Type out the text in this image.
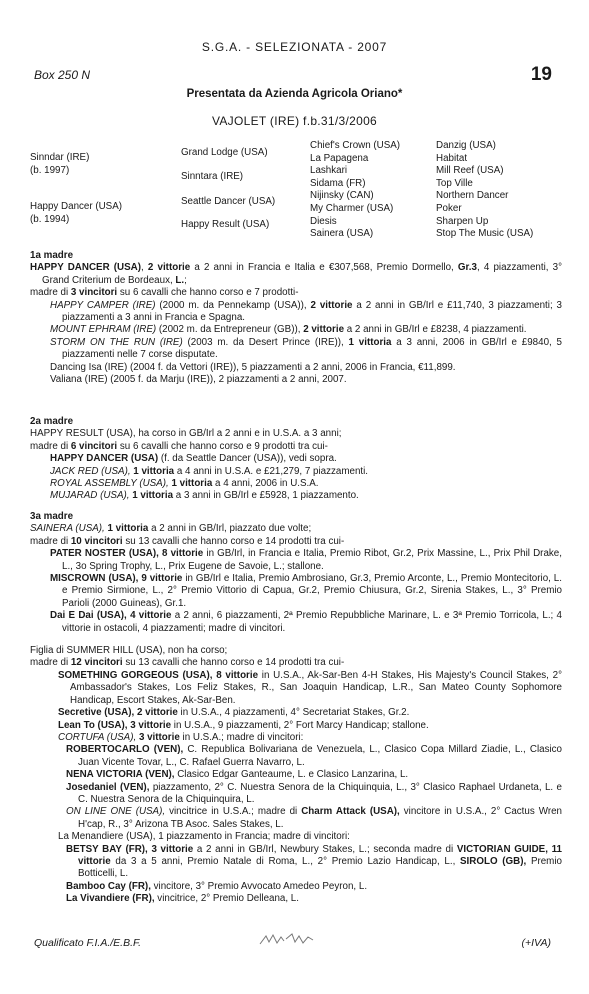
S.G.A. - SELEZIONATA - 2007
Box 250 N	19
Presentata da Azienda Agricola Oriano*
VAJOLET (IRE) f.b.31/3/2006
Sinndar (IRE)
(b. 1997)
Happy Dancer (USA)
(b. 1994)
Grand Lodge (USA)
Sinntara (IRE)
Seattle Dancer (USA)
Happy Result (USA)
Chief's Crown (USA)
La Papagena
Lashkari
Sidama (FR)
Nijinsky (CAN)
My Charmer (USA)
Diesis
Sainera (USA)
Danzig (USA)
Habitat
Mill Reef (USA)
Top Ville
Northern Dancer
Poker
Sharpen Up
Stop The Music (USA)

1a madre

HAPPY DANCER (USA), 2 vittorie a 2 anni in Francia e Italia e €307,568, Premio Dormello, Gr.3, 4 piazzamenti, 3° Grand Criterium de Bordeaux, L.;

madre di 3 vincitori su 6 cavalli che hanno corso e 7 prodotti-

HAPPY CAMPER (IRE) (2000 m. da Pennekamp (USA)), 2 vittorie a 2 anni in GB/Irl e £11,740, 3 piazzamenti; 3 piazzamenti a 3 anni in Francia e Spagna.

MOUNT EPHRAM (IRE) (2002 m. da Entrepreneur (GB)), 2 vittorie a 2 anni in GB/Irl e £8238, 4 piazzamenti.

STORM ON THE RUN (IRE) (2003 m. da Desert Prince (IRE)), 1 vittoria a 3 anni, 2006 in GB/Irl e £9840, 5 piazzamenti nelle 7 corse disputate.

Dancing Isa (IRE) (2004 f. da Vettori (IRE)), 5 piazzamenti a 2 anni, 2006 in Francia, €11,899.

Valiana (IRE) (2005 f. da Marju (IRE)), 2 piazzamenti a 2 anni, 2007.

2a madre

HAPPY RESULT (USA), ha corso in GB/Irl a 2 anni e in U.S.A. a 3 anni;

madre di 6 vincitori su 6 cavalli che hanno corso e 9 prodotti tra cui-

HAPPY DANCER (USA) (f. da Seattle Dancer (USA)), vedi sopra.

JACK RED (USA), 1 vittoria a 4 anni in U.S.A. e £21,279, 7 piazzamenti.

ROYAL ASSEMBLY (USA), 1 vittoria a 4 anni, 2006 in U.S.A.

MUJARAD (USA), 1 vittoria a 3 anni in GB/Irl e £5928, 1 piazzamento.

3a madre

SAINERA (USA), 1 vittoria a 2 anni in GB/Irl, piazzato due volte;

madre di 10 vincitori su 13 cavalli che hanno corso e 14 prodotti tra cui-

PATER NOSTER (USA), 8 vittorie in GB/Irl, in Francia e Italia, Premio Ribot, Gr.2, Prix Massine, L., Prix Phil Drake, L., 3o Spring Trophy, L., Prix Eugene de Savoie, L.; stallone.

MISCROWN (USA), 9 vittorie in GB/Irl e Italia, Premio Ambrosiano, Gr.3, Premio Arconte, L., Premio Montecitorio, L. e Premio Sirmione, L., 2° Premio Vittorio di Capua, Gr.2, Premio Chiusura, Gr.2, Sirenia Stakes, L., 3° Premio Parioli (2000 Guineas), Gr.1.

Dai E Dai (USA), 4 vittorie a 2 anni, 6 piazzamenti, 2ª Premio Repubbliche Marinare, L. e 3ª Premio Torricola, L.; 4 vittorie in ostacoli, 4 piazzamenti; madre di vincitori.

Figlia di SUMMER HILL (USA), non ha corso;

madre di 12 vincitori su 13 cavalli che hanno corso e 14 prodotti tra cui-

SOMETHING GORGEOUS (USA), 8 vittorie in U.S.A., Ak-Sar-Ben 4-H Stakes, His Majesty's Council Stakes, 2° Ambassador's Stakes, Los Feliz Stakes, R., San Joaquin Handicap, L.R., San Mateo County Sophomore Handicap, Escort Stakes, Ak-Sar-Ben.

Secretive (USA), 2 vittorie in U.S.A., 4 piazzamenti, 4° Secretariat Stakes, Gr.2.

Lean To (USA), 3 vittorie in U.S.A., 9 piazzamenti, 2° Fort Marcy Handicap; stallone.

CORTUFA (USA), 3 vittorie in U.S.A.; madre di vincitori:

ROBERTOCARLO (VEN), C. Republica Bolivariana de Venezuela, L., Clasico Copa Millard Ziadie, L., Clasico Juan Vicente Tovar, L., C. Rafael Guerra Navarro, L.

NENA VICTORIA (VEN), Clasico Edgar Ganteaume, L. e Clasico Lanzarina, L.

Josedaniel (VEN), piazzamento, 2° C. Nuestra Senora de la Chiquinquia, L., 3° Clasico Raphael Urdaneta, L. e C. Nuestra Senora de la Chiquinquira, L.

ON LINE ONE (USA), vincitrice in U.S.A.; madre di Charm Attack (USA), vincitore in U.S.A., 2° Cactus Wren H'cap, R., 3° Arizona TB Asoc. Sales Stakes, L.

La Menandiere (USA), 1 piazzamento in Francia; madre di vincitori:

BETSY BAY (FR), 3 vittorie a 2 anni in GB/Irl, Newbury Stakes, L.; seconda madre di VICTORIAN GUIDE, 11 vittorie da 3 a 5 anni, Premio Natale di Roma, L., 2° Premio Lazio Handicap, L., SIROLO (GB), Premio Botticelli, L.

Bamboo Cay (FR), vincitore, 3° Premio Avvocato Amedeo Peyron, L.

La Vivandiere (FR), vincitrice, 2° Premio Delleana, L.

Qualificato F.I.A./E.B.F.	(+IVA)
